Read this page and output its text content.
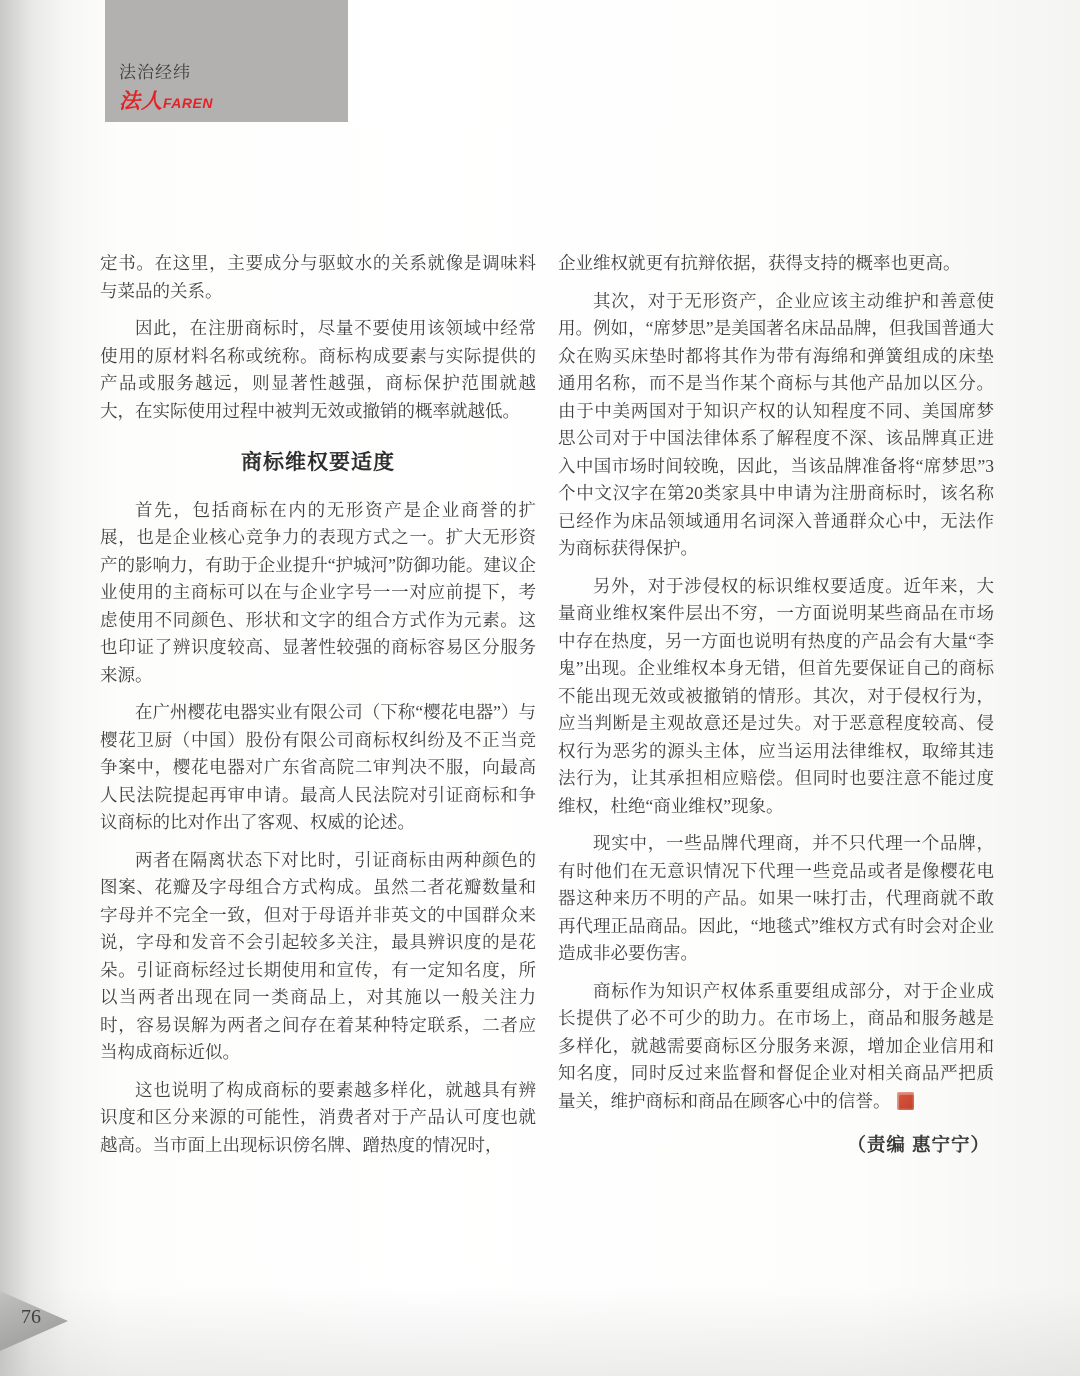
法治经纬
法人FAREN

定书。在这里，主要成分与驱蚊水的关系就像是调味料与菜品的关系。

因此，在注册商标时，尽量不要使用该领域中经常使用的原材料名称或统称。商标构成要素与实际提供的产品或服务越远，则显著性越强，商标保护范围就越大，在实际使用过程中被判无效或撤销的概率就越低。

商标维权要适度

首先，包括商标在内的无形资产是企业商誉的扩展，也是企业核心竞争力的表现方式之一。扩大无形资产的影响力，有助于企业提升“护城河”防御功能。建议企业使用的主商标可以在与企业字号一一对应前提下，考虑使用不同颜色、形状和文字的组合方式作为元素。这也印证了辨识度较高、显著性较强的商标容易区分服务来源。

在广州樱花电器实业有限公司（下称“樱花电器”）与樱花卫厨（中国）股份有限公司商标权纠纷及不正当竞争案中，樱花电器对广东省高院二审判决不服，向最高人民法院提起再审申请。最高人民法院对引证商标和争议商标的比对作出了客观、权威的论述。

两者在隔离状态下对比时，引证商标由两种颜色的图案、花瓣及字母组合方式构成。虽然二者花瓣数量和字母并不完全一致，但对于母语并非英文的中国群众来说，字母和发音不会引起较多关注，最具辨识度的是花朵。引证商标经过长期使用和宣传，有一定知名度，所以当两者出现在同一类商品上，对其施以一般关注力时，容易误解为两者之间存在着某种特定联系，二者应当构成商标近似。

这也说明了构成商标的要素越多样化，就越具有辨识度和区分来源的可能性，消费者对于产品认可度也就越高。当市面上出现标识傍名牌、蹭热度的情况时，

企业维权就更有抗辩依据，获得支持的概率也更高。

其次，对于无形资产，企业应该主动维护和善意使用。例如，“席梦思”是美国著名床品品牌，但我国普通大众在购买床垫时都将其作为带有海绵和弹簧组成的床垫通用名称，而不是当作某个商标与其他产品加以区分。由于中美两国对于知识产权的认知程度不同、美国席梦思公司对于中国法律体系了解程度不深、该品牌真正进入中国市场时间较晚，因此，当该品牌准备将“席梦思”3个中文汉字在第20类家具中申请为注册商标时，该名称已经作为床品领域通用名词深入普通群众心中，无法作为商标获得保护。

另外，对于涉侵权的标识维权要适度。近年来，大量商业维权案件层出不穷，一方面说明某些商品在市场中存在热度，另一方面也说明有热度的产品会有大量“李鬼”出现。企业维权本身无错，但首先要保证自己的商标不能出现无效或被撤销的情形。其次，对于侵权行为，应当判断是主观故意还是过失。对于恶意程度较高、侵权行为恶劣的源头主体，应当运用法律维权，取缔其违法行为，让其承担相应赔偿。但同时也要注意不能过度维权，杜绝“商业维权”现象。

现实中，一些品牌代理商，并不只代理一个品牌，有时他们在无意识情况下代理一些竞品或者是像樱花电器这种来历不明的产品。如果一味打击，代理商就不敢再代理正品商品。因此，“地毯式”维权方式有时会对企业造成非必要伤害。

商标作为知识产权体系重要组成部分，对于企业成长提供了必不可少的助力。在市场上，商品和服务越是多样化，就越需要商标区分服务来源，增加企业信用和知名度，同时反过来监督和督促企业对相关商品严把质量关，维护商标和商品在顾客心中的信誉。

（责编 惠宁宁）
76
